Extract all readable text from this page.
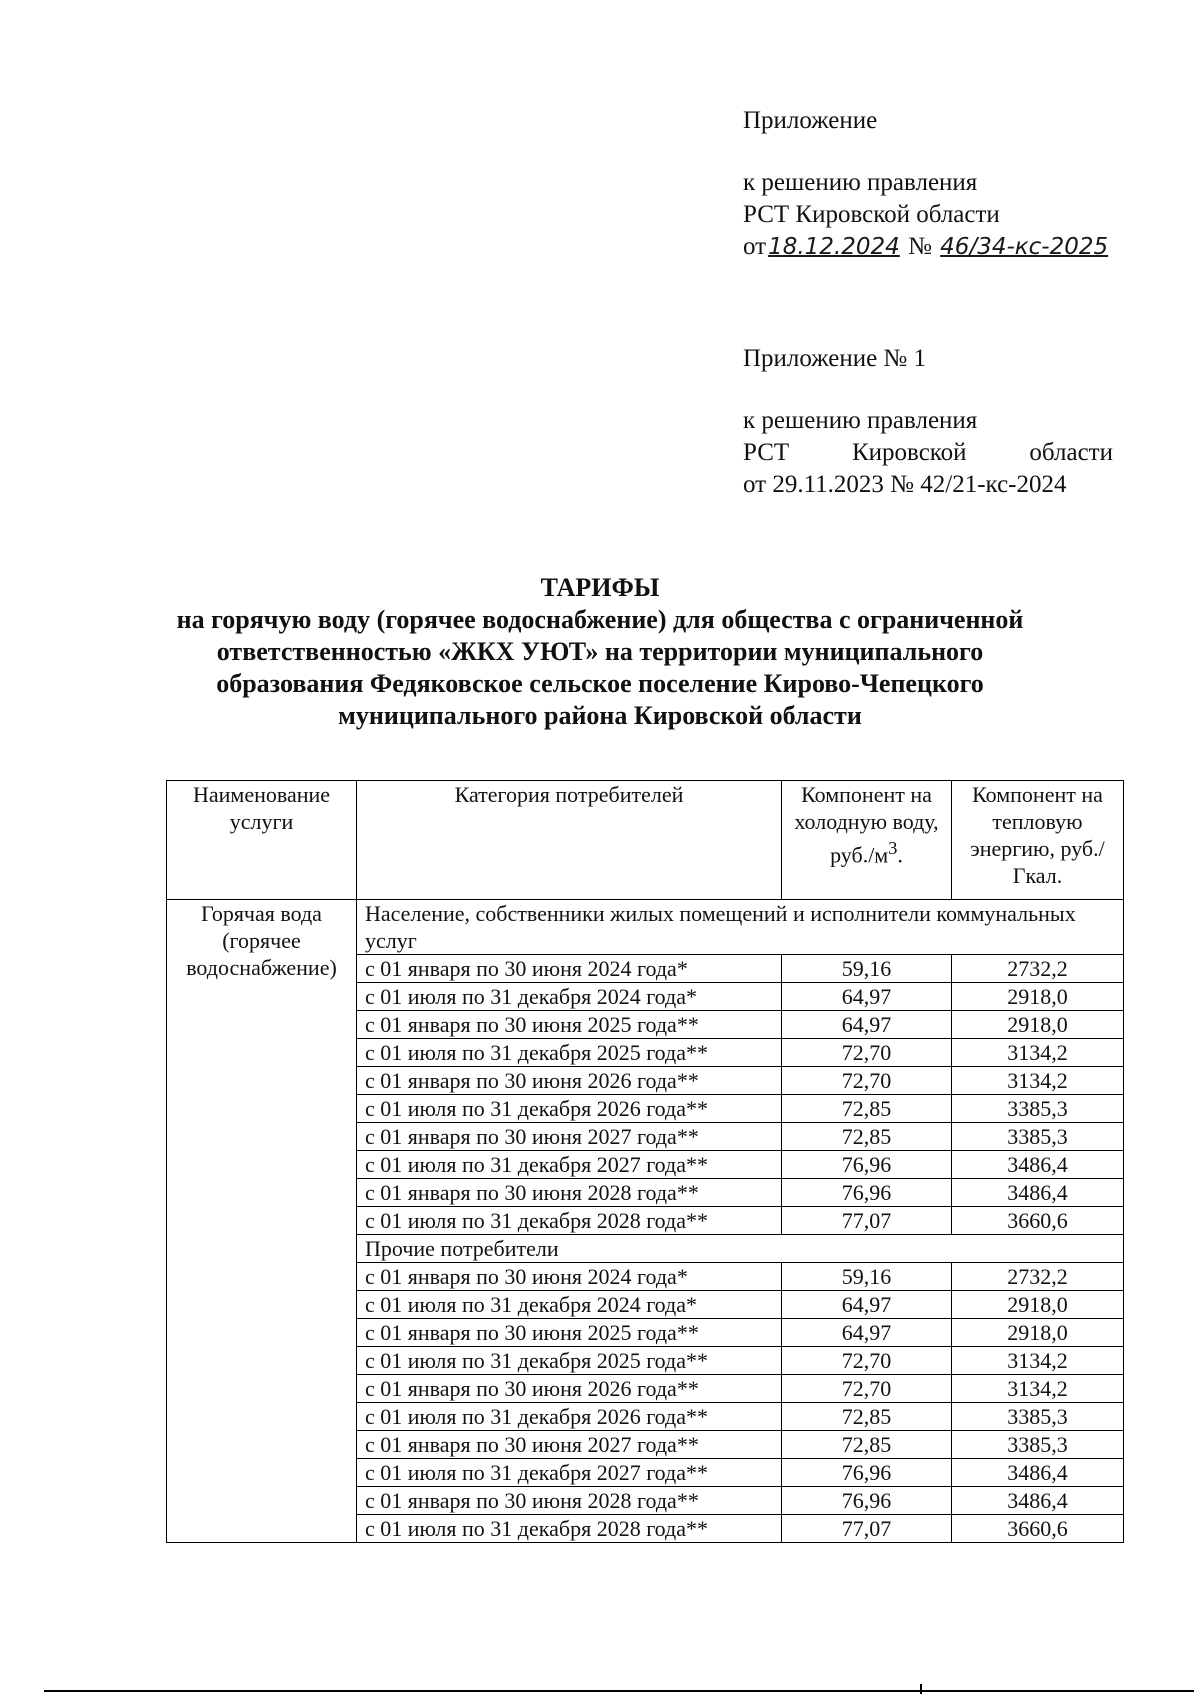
Приложение
к решению правления
РСТ Кировской области
от18.12.2024 № 46/34-кс-2025
Приложение № 1
к решению правления
РСТ	Кировской	области
от 29.11.2023 № 42/21-кс-2024
ТАРИФЫ
на горячую воду (горячее водоснабжение) для общества с ограниченной
ответственностью «ЖКХ УЮТ» на территории муниципального
образования Федяковское сельское поселение Кирово-Чепецкого
муниципального района Кировской области
Наименование услуги	Категория потребителей	Компонент на холодную воду, $руб./м^3$.	Компонент на тепловую энергию, руб./Гкал.
Горячая вода (горячее водоснабжение)	Население, собственники жилых помещений и исполнители коммунальных услуг		
	с 01 января по 30 июня 2024 года*	59,16	2732,2
	с 01 июля по 31 декабря 2024 года*	64,97	2918,0
	с 01 января по 30 июня 2025 года**	64,97	2918,0
	с 01 июля по 31 декабря 2025 года**	72,70	3134,2
	с 01 января по 30 июня 2026 года**	72,70	3134,2
	с 01 июля по 31 декабря 2026 года**	72,85	3385,3
	с 01 января по 30 июня 2027 года**	72,85	3385,3
	с 01 июля по 31 декабря 2027 года**	76,96	3486,4
	с 01 января по 30 июня 2028 года**	76,96	3486,4
	с 01 июля по 31 декабря 2028 года**	77,07	3660,6
	Прочие потребители		
	с 01 января по 30 июня 2024 года*	59,16	2732,2
	с 01 июля по 31 декабря 2024 года*	64,97	2918,0
	с 01 января по 30 июня 2025 года**	64,97	2918,0
	с 01 июля по 31 декабря 2025 года**	72,70	3134,2
	с 01 января по 30 июня 2026 года**	72,70	3134,2
	с 01 июля по 31 декабря 2026 года**	72,85	3385,3
	с 01 января по 30 июня 2027 года**	72,85	3385,3
	с 01 июля по 31 декабря 2027 года**	76,96	3486,4
	с 01 января по 30 июня 2028 года**	76,96	3486,4
	с 01 июля по 31 декабря 2028 года**	77,07	3660,6
